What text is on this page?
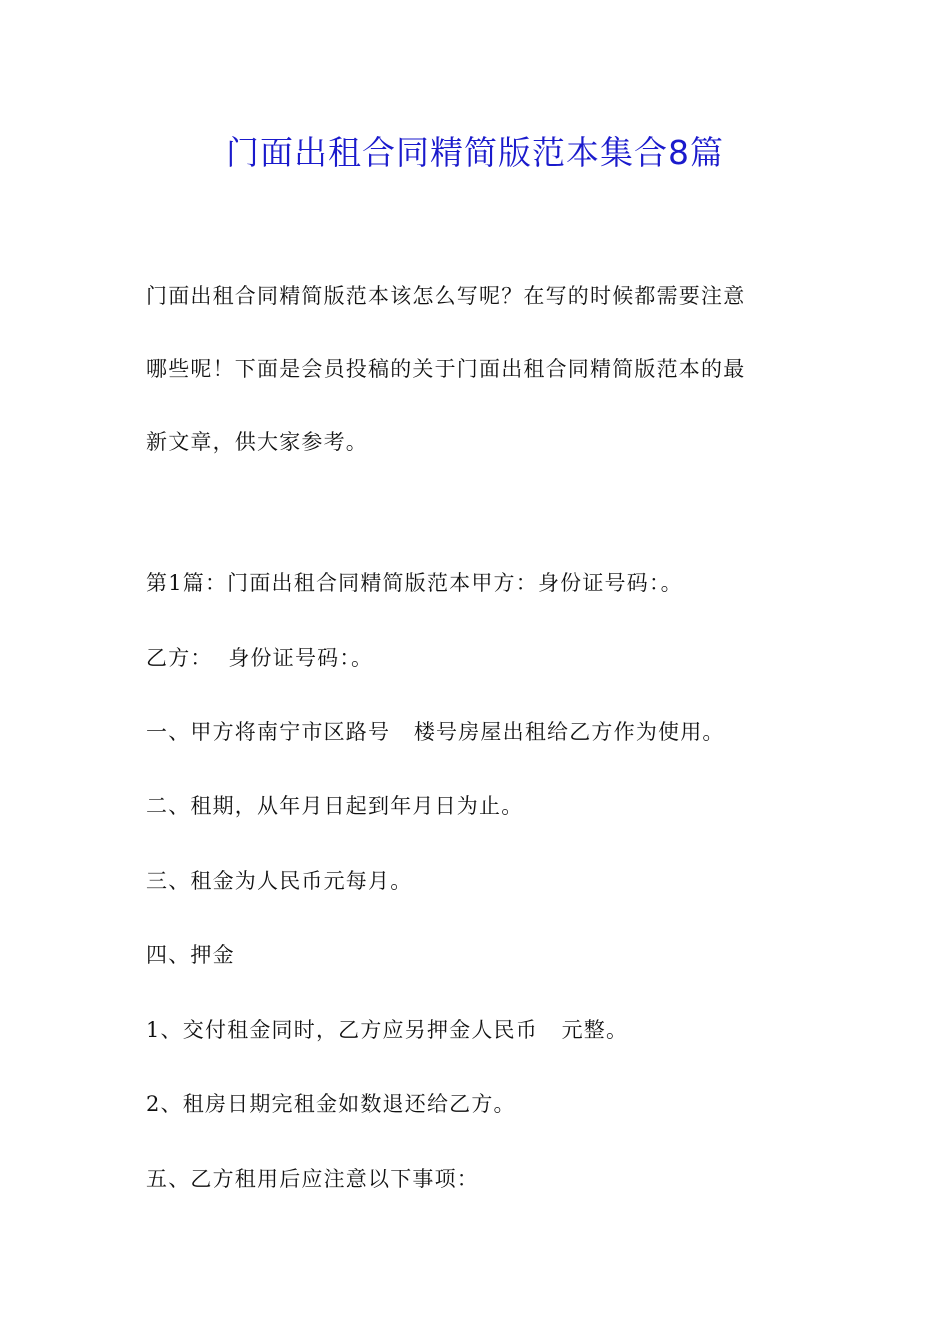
门面出租合同精简版范本集合8篇

门面出租合同精简版范本该怎么写呢？在写的时候都需要注意
哪些呢！下面是会员投稿的关于门面出租合同精简版范本的最
新文章，供大家参考。

第1篇：门面出租合同精简版范本甲方：身份证号码：。

乙方：  身份证号码：。

一、甲方将南宁市区路号   楼号房屋出租给乙方作为使用。

二、租期，从年月日起到年月日为止。

三、租金为人民币元每月。

四、押金

1、交付租金同时，乙方应另押金人民币   元整。

2、租房日期完租金如数退还给乙方。

五、乙方租用后应注意以下事项：
